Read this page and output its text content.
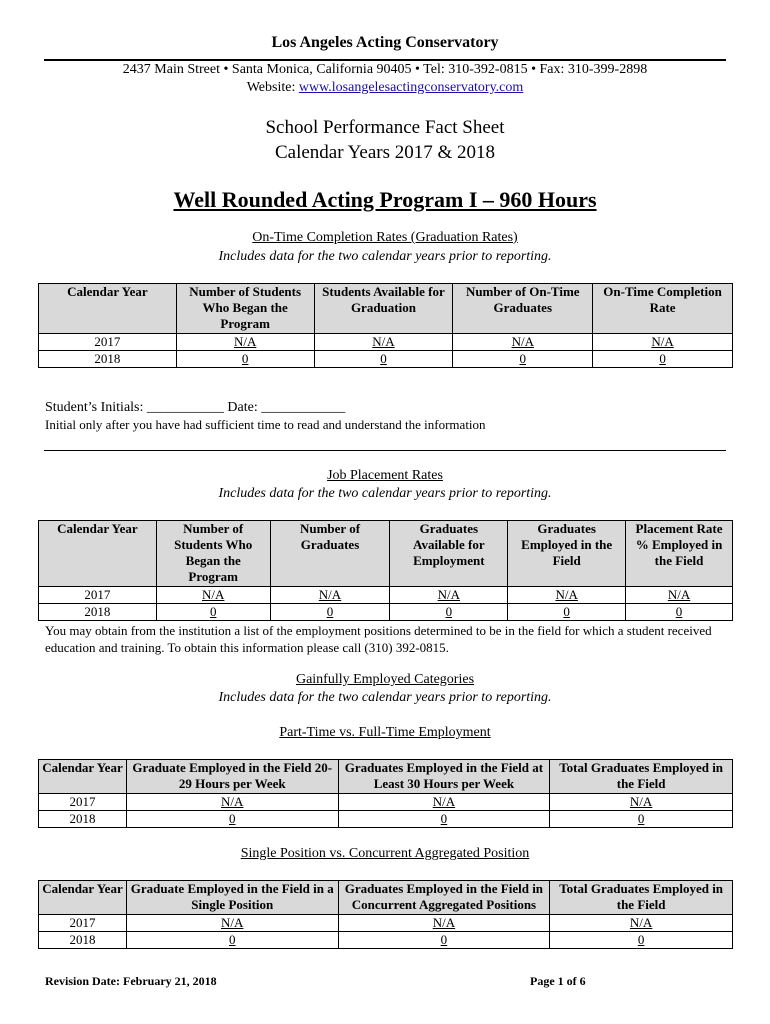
Los Angeles Acting Conservatory
2437 Main Street • Santa Monica, California 90405 • Tel: 310-392-0815 • Fax: 310-399-2898
Website: www.losangelesactingconservatory.com
School Performance Fact Sheet
Calendar Years 2017 & 2018
Well Rounded Acting Program I – 960 Hours
On-Time Completion Rates (Graduation Rates)
Includes data for the two calendar years prior to reporting.
Calendar Year	Number of Students Who Began the Program	Students Available for Graduation	Number of On-Time Graduates	On-Time Completion Rate
2017	N/A	N/A	N/A	N/A
2018	0	0	0	0
Student’s Initials: ___________ Date: ____________
Initial only after you have had sufficient time to read and understand the information
Job Placement Rates
Includes data for the two calendar years prior to reporting.
Calendar Year	Number of Students Who Began the Program	Number of Graduates	Graduates Available for Employment	Graduates Employed in the Field	Placement Rate % Employed in the Field
2017	N/A	N/A	N/A	N/A	N/A
2018	0	0	0	0	0
You may obtain from the institution a list of the employment positions determined to be in the field for which a student received education and training. To obtain this information please call (310) 392-0815.
Gainfully Employed Categories
Includes data for the two calendar years prior to reporting.
Part-Time vs. Full-Time Employment
Calendar Year	Graduate Employed in the Field 20-29 Hours per Week	Graduates Employed in the Field at Least 30 Hours per Week	Total Graduates Employed in the Field
2017	N/A	N/A	N/A
2018	0	0	0
Single Position vs. Concurrent Aggregated Position
Calendar Year	Graduate Employed in the Field in a Single Position	Graduates Employed in the Field in Concurrent Aggregated Positions	Total Graduates Employed in the Field
2017	N/A	N/A	N/A
2018	0	0	0
Revision Date: February 21, 2018	Page 1 of 6
